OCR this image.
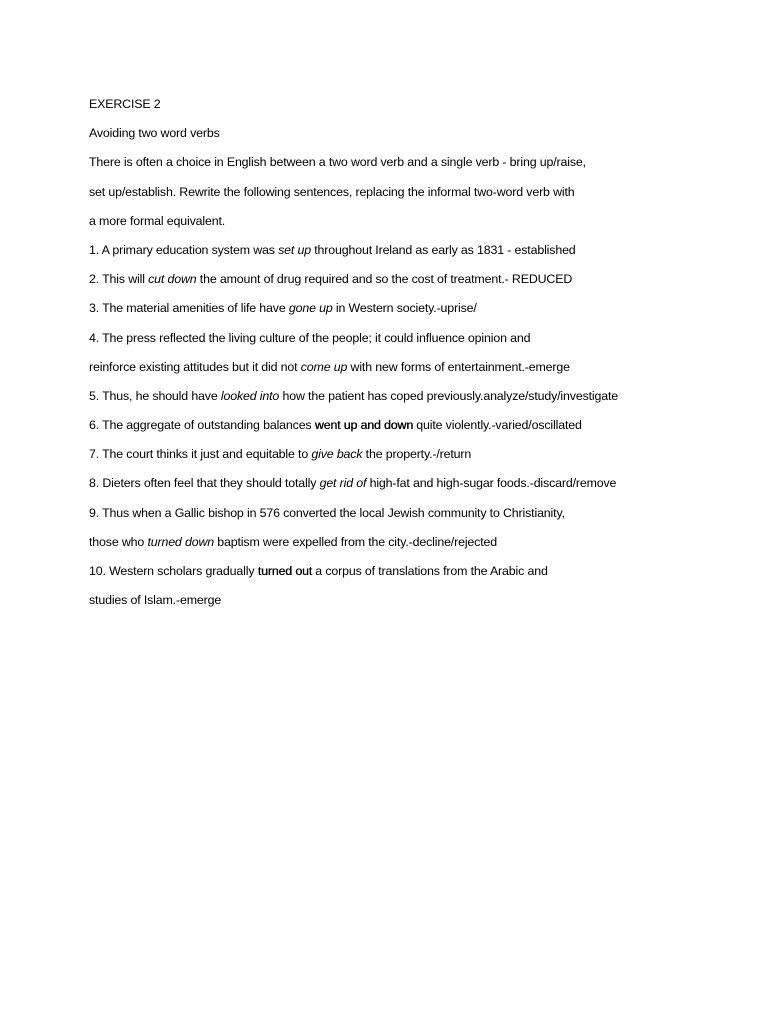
EXERCISE 2
Avoiding two word verbs
There is often a choice in English between a two word verb and a single verb - bring up/raise,
set up/establish. Rewrite the following sentences, replacing the informal two-word verb with
a more formal equivalent.
1. A primary education system was set up throughout Ireland as early as 1831 - established
2. This will cut down the amount of drug required and so the cost of treatment.- REDUCED
3. The material amenities of life have gone up in Western society.-uprise/
4. The press reflected the living culture of the people; it could influence opinion and
reinforce existing attitudes but it did not come up with new forms of entertainment.-emerge
5. Thus, he should have looked into how the patient has coped previously.analyze/study/investigate
6. The aggregate of outstanding balances went up and down quite violently.-varied/oscillated
7. The court thinks it just and equitable to give back the property.-/return
8. Dieters often feel that they should totally get rid of high-fat and high-sugar foods.-discard/remove
9. Thus when a Gallic bishop in 576 converted the local Jewish community to Christianity,
those who turned down baptism were expelled from the city.-decline/rejected
10. Western scholars gradually turned out a corpus of translations from the Arabic and
studies of Islam.-emerge
